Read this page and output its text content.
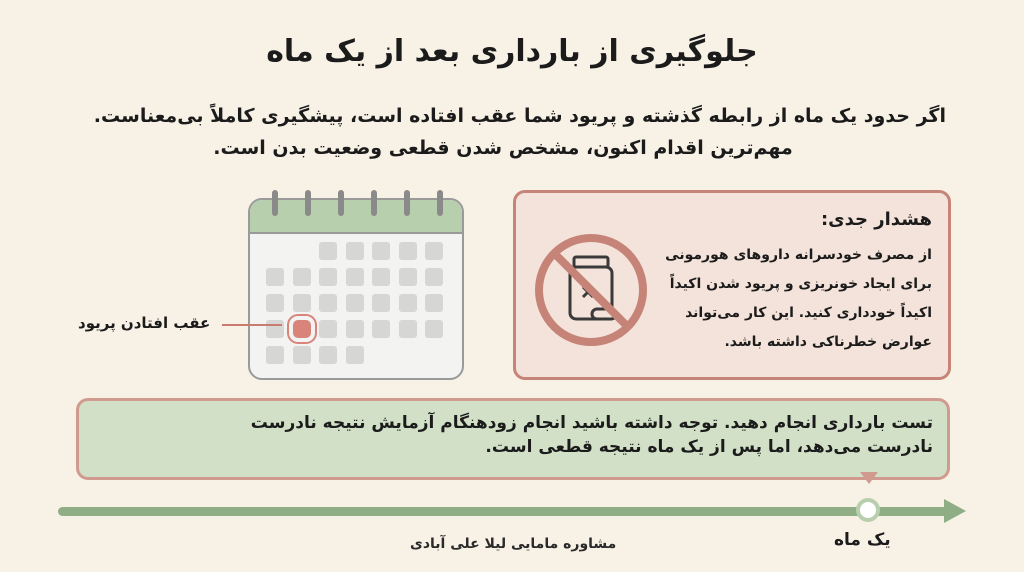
جلوگیری از بارداری بعد از یک ماه
اگر حدود یک ماه از رابطه گذشته و پریود شما عقب افتاده است، پیشگیری کاملاً بی‌معناست.
مهم‌ترین اقدام اکنون، مشخص شدن قطعی وضعیت بدن است.
عقب افتادن پریود
هشدار جدی:
از مصرف خودسرانه داروهای هورمونی
برای ایجاد خونریزی و پریود شدن اکیداً
اکیداً خودداری کنید. این کار می‌تواند
عوارض خطرناکی داشته باشد.
تست بارداری انجام دهید. توجه داشته باشید انجام زودهنگام آزمایش نتیجه نادرست
نادرست می‌دهد، اما پس از یک ماه نتیجه قطعی است.
یک ماه
مشاوره مامایی لیلا علی آبادی
